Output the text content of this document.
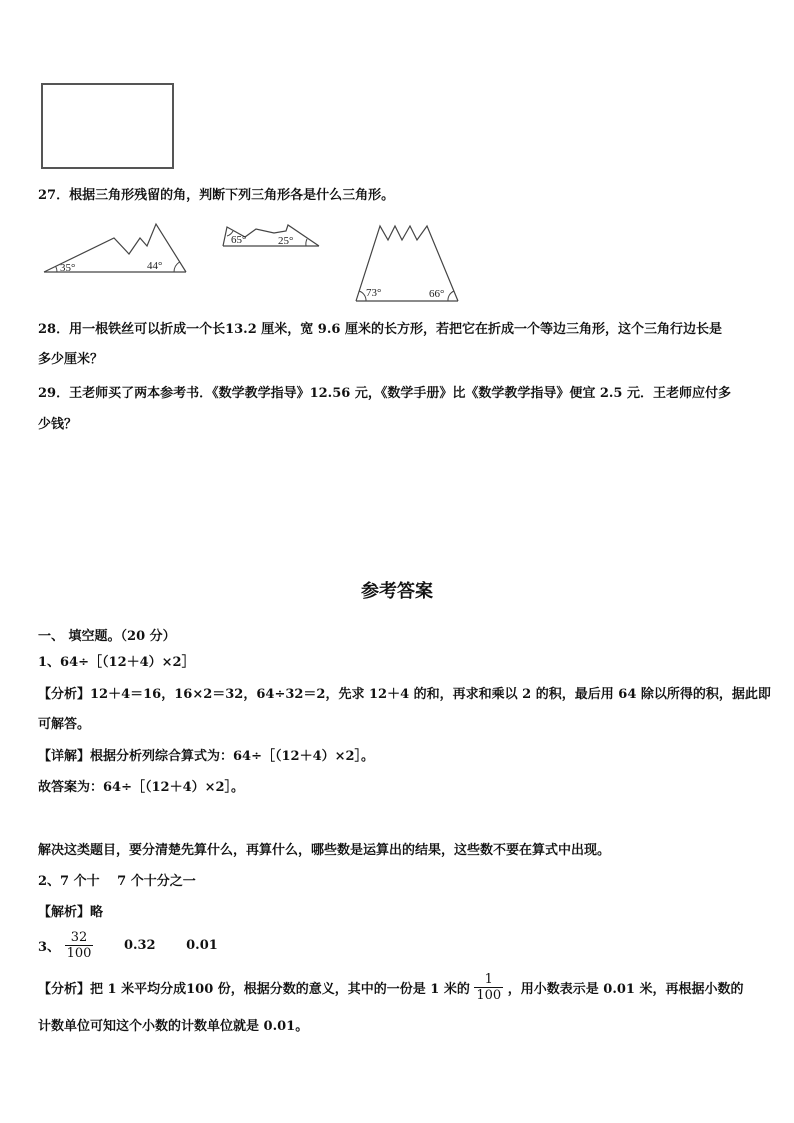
27．根据三角形残留的角，判断下列三角形各是什么三角形。
35°	44°
65°	25°
73°	66°
28．用一根铁丝可以折成一个长13.2 厘米，宽 9.6 厘米的长方形，若把它在折成一个等边三角形，这个三角行边长是
多少厘米？
29．王老师买了两本参考书．《数学教学指导》12.56 元，《数学手册》比《数学教学指导》便宜 2.5 元．王老师应付多
少钱？
参考答案
一、 填空题。（20 分）
1、64÷［（12＋4）×2］
【分析】12＋4＝16，16×2＝32，64÷32＝2，先求 12＋4 的和，再求和乘以 2 的积，最后用 64 除以所得的积，据此即
可解答。
【详解】根据分析列综合算式为：64÷［（12＋4）×2］。
故答案为：64÷［（12＋4）×2］。
解决这类题目，要分清楚先算什么，再算什么，哪些数是运算出的结果，这些数不要在算式中出现。
2、7 个十　 7 个十分之一
【解析】略
3、 $\frac{32}{100} 0.32$ 0.01
【分析】把 1 米平均分成100 份，根据分数的意义，其中的一份是 1 米的 $\frac{1}{100}$ ，用小数表示是 0.01 米，再根据小数的
计数单位可知这个小数的计数单位就是 0.01。
